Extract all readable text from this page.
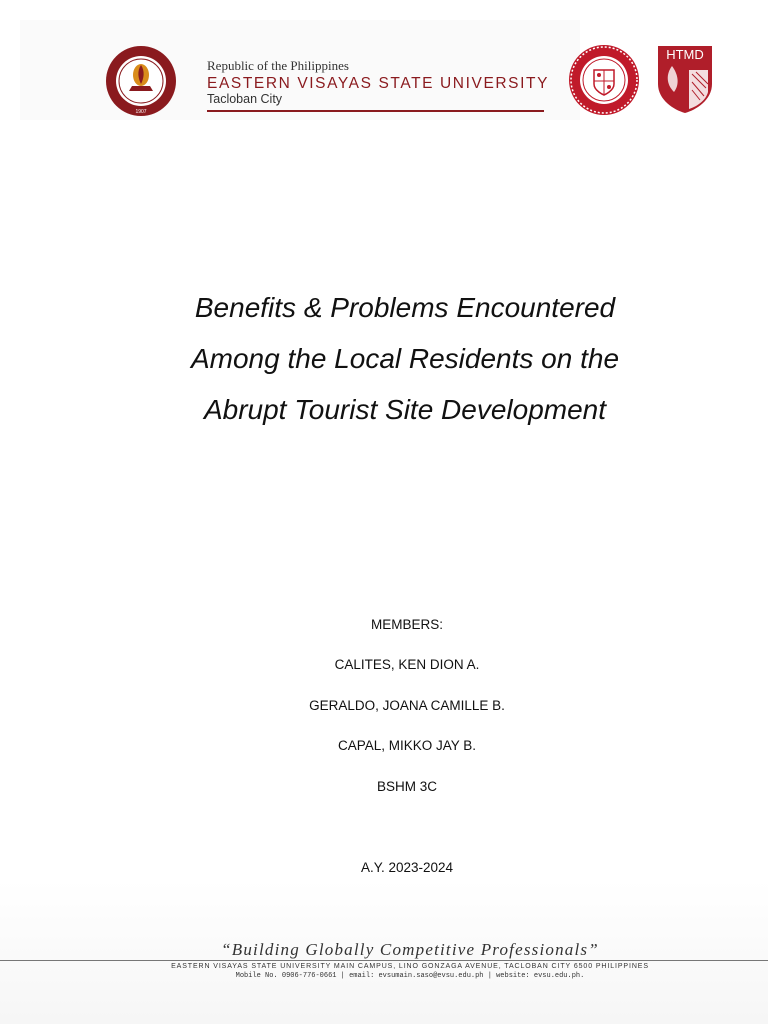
1907
Republic of the Philippines
EASTERN VISAYAS STATE UNIVERSITY
Tacloban City
HTMD
Benefits & Problems Encountered
Among the Local Residents on the
Abrupt Tourist Site Development
MEMBERS:
CALITES, KEN DION A.
GERALDO, JOANA CAMILLE B.
CAPAL, MIKKO JAY B.
BSHM 3C
A.Y. 2023-2024
“Building Globally Competitive Professionals”
EASTERN VISAYAS STATE UNIVERSITY MAIN CAMPUS, LINO GONZAGA AVENUE, TACLOBAN CITY 6500 PHILIPPINES
Mobile No. 0906-776-0661 | email: evsumain.saso@evsu.edu.ph | website: evsu.edu.ph.
